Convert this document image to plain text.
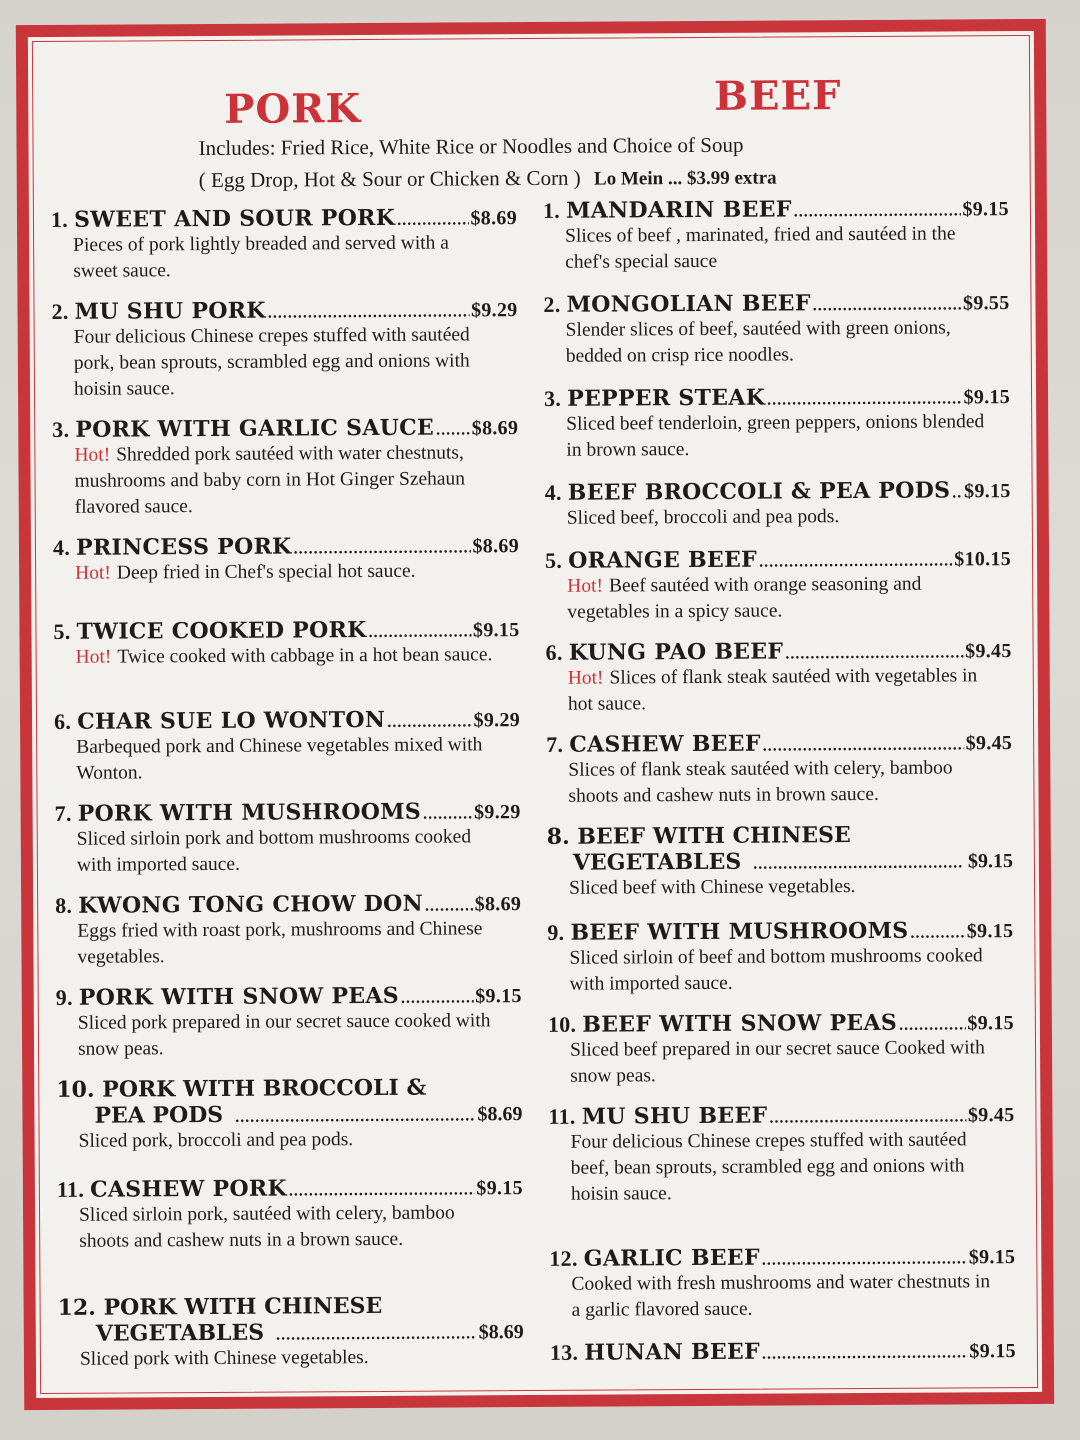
PORK	BEEF
Includes: Fried Rice, White Rice or Noodles and Choice of Soup
( Egg Drop, Hot & Sour or Chicken & Corn ) Lo Mein ... $3.99 extra
1. SWEET AND SOUR PORK .....	$8.69
Pieces of pork lightly breaded and served with a sweet sauce.
2. MU SHU PORK .....	$9.29
Four delicious Chinese crepes stuffed with sautéed pork, bean sprouts, scrambled egg and onions with hoisin sauce.
3. PORK WITH GARLIC SAUCE ..... $8.69
Hot! Shredded pork sautéed with water chestnuts, mushrooms and baby corn in Hot Ginger Szehaun flavored sauce.
4. PRINCESS PORK .....	$8.69
Hot! Deep fried in Chef's special hot sauce.
5. TWICE COOKED PORK .....	$9.15
Hot! Twice cooked with cabbage in a hot bean sauce.
6. CHAR SUE LO WONTON .....	$9.29
Barbequed pork and Chinese vegetables mixed with Wonton.
7. PORK WITH MUSHROOMS .....	$9.29
Sliced sirloin pork and bottom mushrooms cooked with imported sauce.
8. KWONG TONG CHOW DON .....	$8.69
Eggs fried with roast pork, mushrooms and Chinese vegetables.
9. PORK WITH SNOW PEAS .....	$9.15
Sliced pork prepared in our secret sauce cooked with snow peas.
10. PORK WITH BROCCOLI &
PEA PODS .....	$8.69
Sliced pork, broccoli and pea pods.
11. CASHEW PORK .....	$9.15
Sliced sirloin pork, sautéed with celery, bamboo shoots and cashew nuts in a brown sauce.
12. PORK WITH CHINESE
VEGETABLES .....	$8.69
Sliced pork with Chinese vegetables.
1. MANDARIN BEEF .....	$9.15
Slices of beef , marinated, fried and sautéed in the chef's special sauce
2. MONGOLIAN BEEF .....	$9.55
Slender slices of beef, sautéed with green onions, bedded on crisp rice noodles.
3. PEPPER STEAK .....	$9.15
Sliced beef tenderloin, green peppers, onions blended in brown sauce.
4. BEEF BROCCOLI & PEA PODS ..... $9.15
Sliced beef, broccoli and pea pods.
5. ORANGE BEEF .....	$10.15
Hot! Beef sautéed with orange seasoning and vegetables in a spicy sauce.
6. KUNG PAO BEEF .....	$9.45
Hot! Slices of flank steak sautéed with vegetables in hot sauce.
7. CASHEW BEEF .....	$9.45
Slices of flank steak sautéed with celery, bamboo shoots and cashew nuts in brown sauce.
8. BEEF WITH CHINESE
VEGETABLES .....	$9.15
Sliced beef with Chinese vegetables.
9. BEEF WITH MUSHROOMS .....	$9.15
Sliced sirloin of beef and bottom mushrooms cooked with imported sauce.
10. BEEF WITH SNOW PEAS .....	$9.15
Sliced beef prepared in our secret sauce Cooked with snow peas.
11. MU SHU BEEF .....	$9.45
Four delicious Chinese crepes stuffed with sautéed beef, bean sprouts, scrambled egg and onions with hoisin sauce.
12. GARLIC BEEF .....	$9.15
Cooked with fresh mushrooms and water chestnuts in a garlic flavored sauce.
13. HUNAN BEEF .....	$9.15
